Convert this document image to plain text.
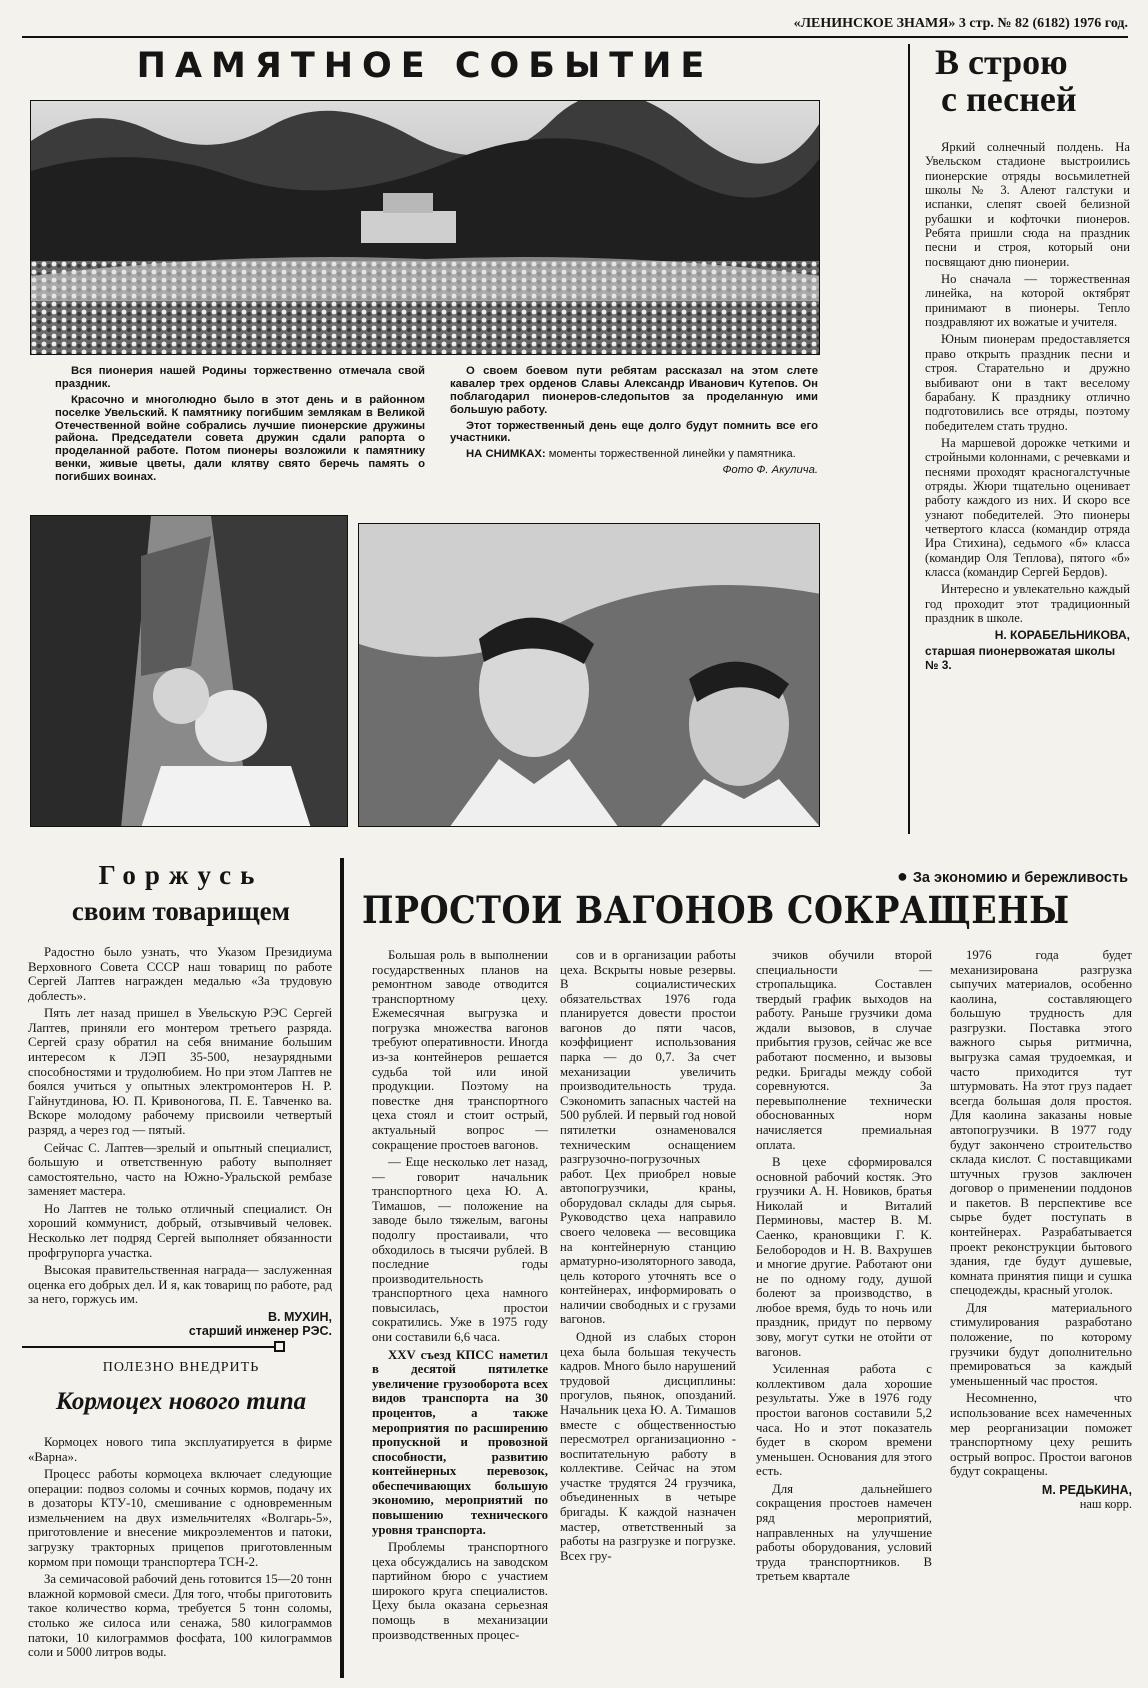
«ЛЕНИНСКОЕ ЗНАМЯ» 3 стр. № 82 (6182) 1976 год.
ПАМЯТНОЕ СОБЫТИЕ

Вся пионерия нашей Родины торжественно отмечала свой праздник.

Красочно и многолюдно было в этот день и в районном поселке Увельский. К памятнику погибшим землякам в Великой Отечественной войне собрались лучшие пионерские дружины района. Председатели совета дружин сдали рапорта о проделанной работе. Потом пионеры возложили к памятнику венки, живые цветы, дали клятву свято беречь память о погибших воинах.

О своем боевом пути ребятам рассказал на этом слете кавалер трех орденов Славы Александр Иванович Кутепов. Он поблагодарил пионеров-следопытов за проделанную ими большую работу.

Этот торжественный день еще долго будут помнить все его участники.

НА СНИМКАХ: моменты торжественной линейки у памятника.

Фото Ф. Акулича.
В строю
с песней

Яркий солнечный полдень. На Увельском стадионе выстроились пионерские отряды восьмилетней школы № 3. Алеют галстуки и испанки, слепят своей белизной рубашки и кофточки пионеров. Ребята пришли сюда на праздник песни и строя, который они посвящают дню пионерии.

Но сначала — торжественная линейка, на которой октябрят принимают в пионеры. Тепло поздравляют их вожатые и учителя.

Юным пионерам предоставляется право открыть праздник песни и строя. Старательно и дружно выбивают они в такт веселому барабану. К празднику отлично подготовились все отряды, поэтому победителем стать трудно.

На маршевой дорожке четкими и стройными колоннами, с речевками и песнями проходят красногалстучные отряды. Жюри тщательно оценивает работу каждого из них. И скоро все узнают победителей. Это пионеры четвертого класса (командир отряда Ира Стихина), седьмого «б» класса (командир Оля Теплова), пятого «б» класса (командир Сергей Бердов).

Интересно и увлекательно каждый год проходит этот традиционный праздник в школе.

Н. КОРАБЕЛЬНИКОВА,
старшая пионервожатая школы № 3.
Горжусь
своим товарищем

Радостно было узнать, что Указом Президиума Верховного Совета СССР наш товарищ по работе Сергей Лаптев награжден медалью «За трудовую доблесть».

Пять лет назад пришел в Увельскую РЭС Сергей Лаптев, приняли его монтером третьего разряда. Сергей сразу обратил на себя внимание большим интересом к ЛЭП 35-500, незаурядными способностями и трудолюбием. Но при этом Лаптев не боялся учиться у опытных электромонтеров Н. Р. Гайнутдинова, Ю. П. Кривоногова, П. Е. Тавченко ва. Вскоре молодому рабочему присвоили четвертый разряд, а через год — пятый.

Сейчас С. Лаптев—зрелый и опытный специалист, большую и ответственную работу выполняет самостоятельно, часто на Южно-Уральской рембазе заменяет мастера.

Но Лаптев не только отличный специалист. Он хороший коммунист, добрый, отзывчивый человек. Несколько лет подряд Сергей выполняет обязанности профгрупорга участка.

Высокая правительственная награда— заслуженная оценка его добрых дел. И я, как товарищ по работе, рад за него, горжусь им.

В. МУХИН,
старший инженер РЭС.
ПОЛЕЗНО ВНЕДРИТЬ
Кормоцех нового типа

Кормоцех нового типа эксплуатируется в фирме «Варна».

Процесс работы кормоцеха включает следующие операции: подвоз соломы и сочных кормов, подачу их в дозаторы КТУ-10, смешивание с одновременным измельчением на двух измельчителях «Волгарь-5», приготовление и внесение микроэлементов и патоки, загрузку тракторных прицепов приготовленным кормом при помощи транспортера ТСН-2.

За семичасовой рабочий день готовится 15—20 тонн влажной кормовой смеси. Для того, чтобы приготовить такое количество корма, требуется 5 тонн соломы, столько же силоса или сенажа, 580 килограммов патоки, 10 килограммов фосфата, 100 килограммов соли и 5000 литров воды.

● За экономию и бережливость
ПРОСТОИ ВАГОНОВ СОКРАЩЕНЫ

Большая роль в выполнении государственных планов на ремонтном заводе отводится транспортному цеху. Ежемесячная выгрузка и погрузка множества вагонов требуют оперативности. Иногда из-за контейнеров решается судьба той или иной продукции. Поэтому на повестке дня транспортного цеха стоял и стоит острый, актуальный вопрос — сокращение простоев вагонов.

— Еще несколько лет назад, — говорит начальник транспортного цеха Ю. А. Тимашов, — положение на заводе было тяжелым, вагоны подолгу простаивали, что обходилось в тысячи рублей. В последние годы производительность транспортного цеха намного повысилась, простои сократились. Уже в 1975 году они составили 6,6 часа.

XXV съезд КПСС наметил в десятой пятилетке увеличение грузооборота всех видов транспорта на 30 процентов, а также мероприятия по расширению пропускной и провозной способности, развитию контейнерных перевозок, обеспечивающих большую экономию, мероприятий по повышению технического уровня транспорта.

Проблемы транспортного цеха обсуждались на заводском партийном бюро с участием широкого круга специалистов. Цеху была оказана серьезная помощь в механизации производственных процес-

сов и в организации работы цеха. Вскрыты новые резервы. В социалистических обязательствах 1976 года планируется довести простои вагонов до пяти часов, коэффициент использования парка — до 0,7. За счет механизации увеличить производительность труда. Сэкономить запасных частей на 500 рублей. И первый год новой пятилетки ознаменовался техническим оснащением разгрузочно-погрузочных работ. Цех приобрел новые автопогрузчики, краны, оборудовал склады для сырья. Руководство цеха направило своего человека — весовщика на контейнерную станцию арматурно-изоляторного завода, цель которого уточнять все о контейнерах, информировать о наличии свободных и с грузами вагонов.

Одной из слабых сторон цеха была большая текучесть кадров. Много было нарушений трудовой дисциплины: прогулов, пьянок, опозданий. Начальник цеха Ю. А. Тимашов вместе с общественностью пересмотрел организационно - воспитательную работу в коллективе. Сейчас на этом участке трудятся 24 грузчика, объединенных в четыре бригады. К каждой назначен мастер, ответственный за работы на разгрузке и погрузке. Всех гру-

зчиков обучили второй специальности — стропальщика. Составлен твердый график выходов на работу. Раньше грузчики дома ждали вызовов, в случае прибытия грузов, сейчас же все работают посменно, и вызовы редки. Бригады между собой соревнуются. За перевыполнение технически обоснованных норм начисляется премиальная оплата.

В цехе сформировался основной рабочий костяк. Это грузчики А. Н. Новиков, братья Николай и Виталий Перминовы, мастер В. М. Саенко, крановщики Г. К. Белобородов и Н. В. Вахрушев и многие другие. Работают они не по одному году, душой болеют за производство, в любое время, будь то ночь или праздник, придут по первому зову, могут сутки не отойти от вагонов.

Усиленная работа с коллективом дала хорошие результаты. Уже в 1976 году простои вагонов составили 5,2 часа. Но и этот показатель будет в скором времени уменьшен. Основания для этого есть.

Для дальнейшего сокращения простоев намечен ряд мероприятий, направленных на улучшение работы оборудования, условий труда транспортников. В третьем квартале

1976 года будет механизирована разгрузка сыпучих материалов, особенно каолина, составляющего большую трудность для разгрузки. Поставка этого важного сырья ритмична, выгрузка самая трудоемкая, и часто приходится тут штурмовать. На этот груз падает всегда большая доля простоя. Для каолина заказаны новые автопогрузчики. В 1977 году будут закончено строительство склада кислот. С поставщиками штучных грузов заключен договор о применении поддонов и пакетов. В перспективе все сырье будет поступать в контейнерах. Разрабатывается проект реконструкции бытового здания, где будут душевые, комната принятия пищи и сушка спецодежды, красный уголок.

Для материального стимулирования разработано положение, по которому грузчики будут дополнительно премироваться за каждый уменьшенный час простоя.

Несомненно, что использование всех намеченных мер реорганизации поможет транспортному цеху решить острый вопрос. Простои вагонов будут сокращены.

М. РЕДЬКИНА,
наш корр.
